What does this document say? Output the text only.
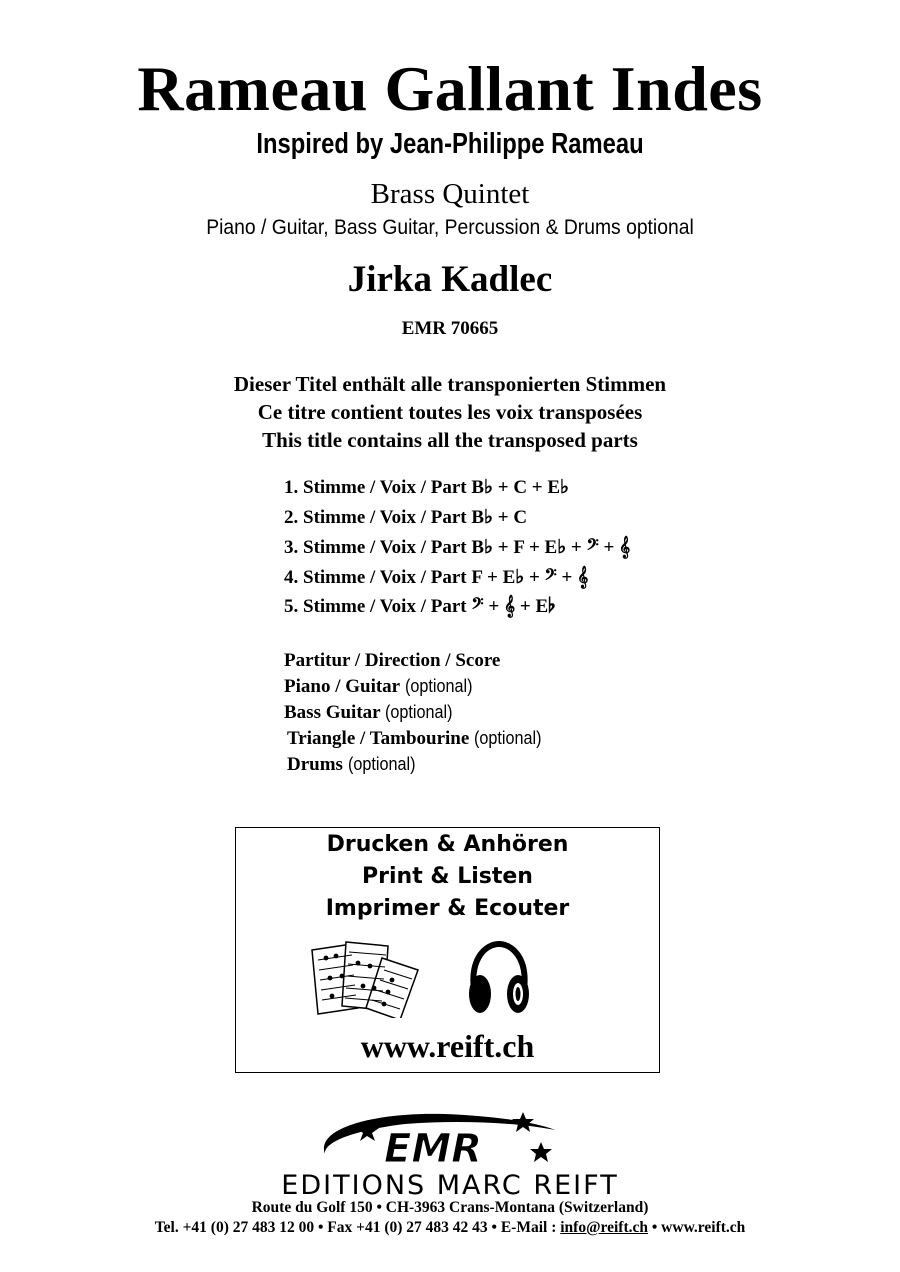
Rameau Gallant Indes
Inspired by Jean-Philippe Rameau
Brass Quintet
Piano / Guitar, Bass Guitar, Percussion & Drums optional
Jirka Kadlec
EMR 70665
Dieser Titel enthält alle transponierten Stimmen
Ce titre contient toutes les voix transposées
This title contains all the transposed parts
1. Stimme / Voix / Part B♭ + C + E♭
2. Stimme / Voix / Part B♭ + C
3. Stimme / Voix / Part B♭ + F + E♭ + 𝄢 + 𝄞
4. Stimme / Voix / Part F + E♭ + 𝄢 + 𝄞
5. Stimme / Voix / Part 𝄢 + 𝄞 + E♭
Partitur / Direction / Score
Piano / Guitar (optional)
Bass Guitar (optional)
Triangle / Tambourine (optional)
Drums (optional)
Drucken & Anhören
Print & Listen
Imprimer & Ecouter
www.reift.ch
EMR
EDITIONS MARC REIFT
Route du Golf 150 • CH-3963 Crans-Montana (Switzerland)
Tel. +41 (0) 27 483 12 00 • Fax +41 (0) 27 483 42 43 • E-Mail : info@reift.ch • www.reift.ch
